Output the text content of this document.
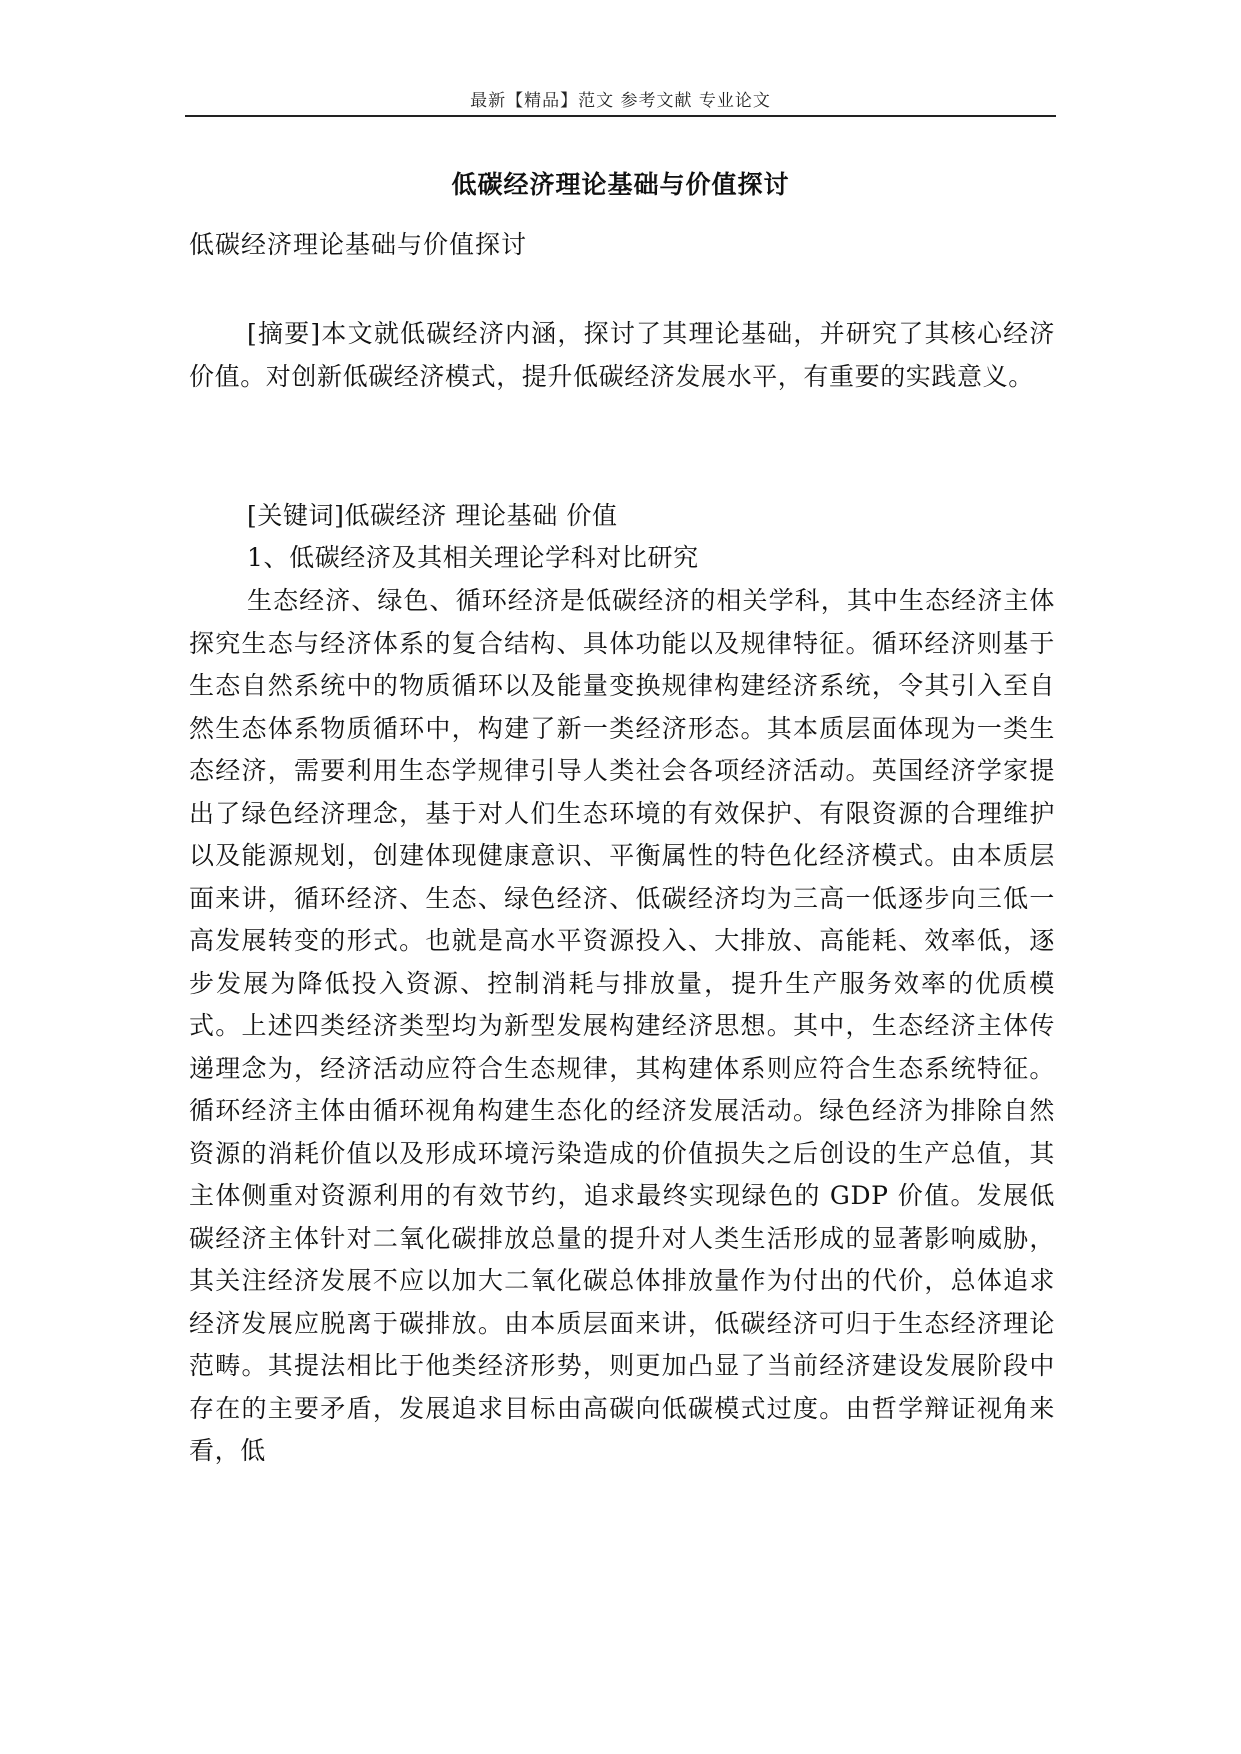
最新【精品】范文 参考文献 专业论文
低碳经济理论基础与价值探讨
低碳经济理论基础与价值探讨

[摘要]本文就低碳经济内涵，探讨了其理论基础，并研究了其核心经济价值。对创新低碳经济模式，提升低碳经济发展水平，有重要的实践意义。

[关键词]低碳经济 理论基础 价值

1、低碳经济及其相关理论学科对比研究

生态经济、绿色、循环经济是低碳经济的相关学科，其中生态经济主体探究生态与经济体系的复合结构、具体功能以及规律特征。循环经济则基于生态自然系统中的物质循环以及能量变换规律构建经济系统，令其引入至自然生态体系物质循环中，构建了新一类经济形态。其本质层面体现为一类生态经济，需要利用生态学规律引导人类社会各项经济活动。英国经济学家提出了绿色经济理念，基于对人们生态环境的有效保护、有限资源的合理维护以及能源规划，创建体现健康意识、平衡属性的特色化经济模式。由本质层面来讲，循环经济、生态、绿色经济、低碳经济均为三高一低逐步向三低一高发展转变的形式。也就是高水平资源投入、大排放、高能耗、效率低，逐步发展为降低投入资源、控制消耗与排放量，提升生产服务效率的优质模式。上述四类经济类型均为新型发展构建经济思想。其中，生态经济主体传递理念为，经济活动应符合生态规律，其构建体系则应符合生态系统特征。循环经济主体由循环视角构建生态化的经济发展活动。绿色经济为排除自然资源的消耗价值以及形成环境污染造成的价值损失之后创设的生产总值，其主体侧重对资源利用的有效节约，追求最终实现绿色的 GDP 价值。发展低碳经济主体针对二氧化碳排放总量的提升对人类生活形成的显著影响威胁，其关注经济发展不应以加大二氧化碳总体排放量作为付出的代价，总体追求经济发展应脱离于碳排放。由本质层面来讲，低碳经济可归于生态经济理论范畴。其提法相比于他类经济形势，则更加凸显了当前经济建设发展阶段中存在的主要矛盾，发展追求目标由高碳向低碳模式过度。由哲学辩证视角来看，低
